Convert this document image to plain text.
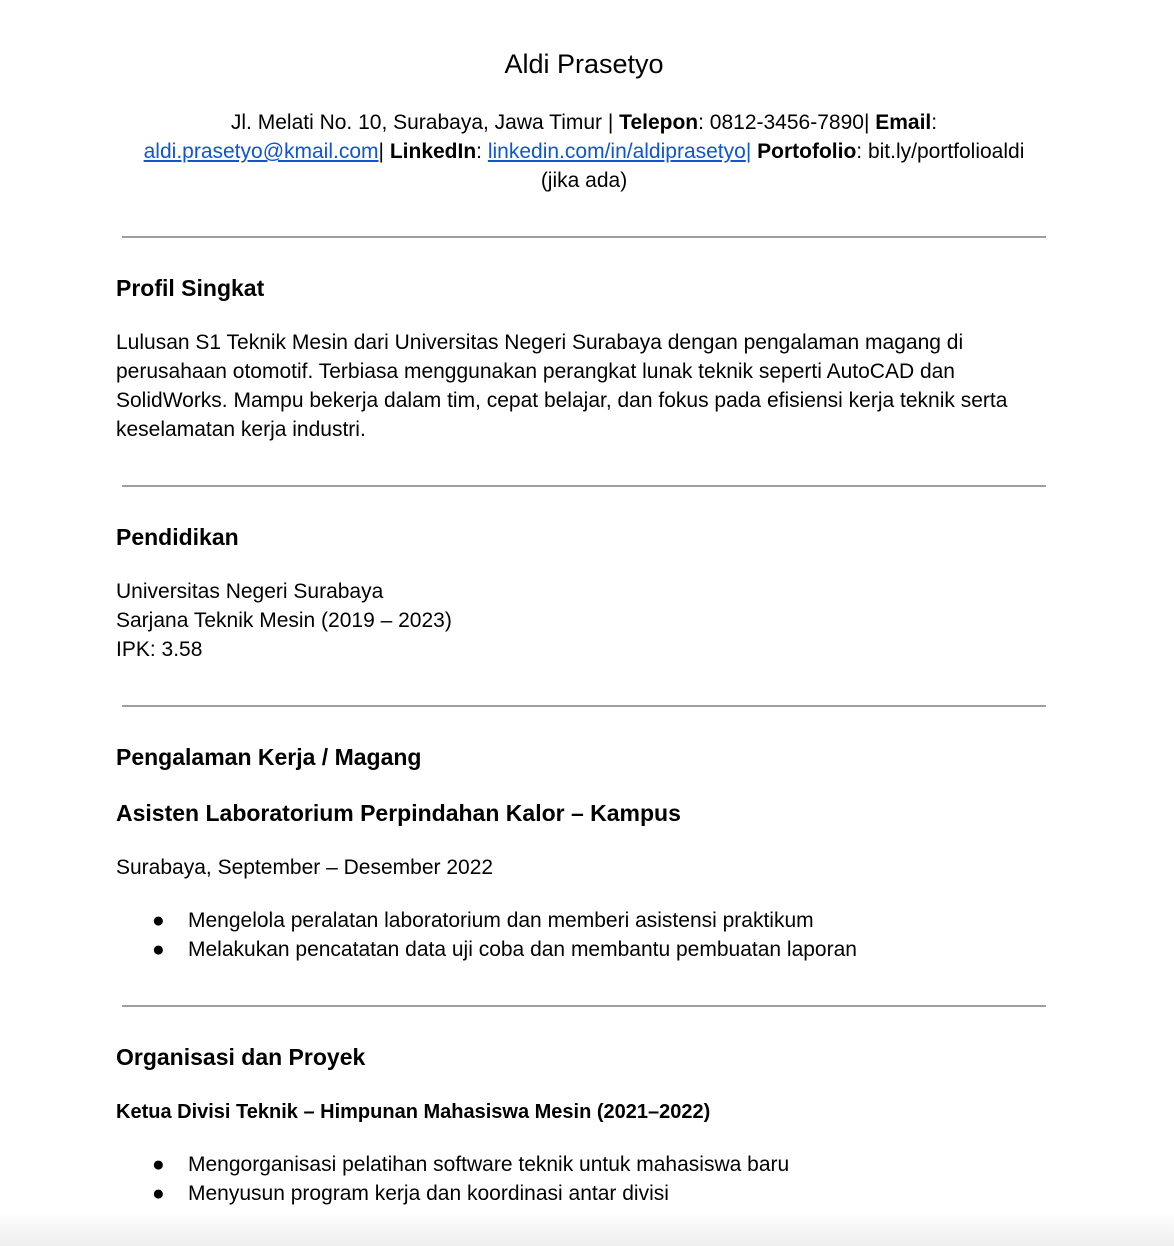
Aldi Prasetyo
Jl. Melati No. 10, Surabaya, Jawa Timur | Telepon: 0812-3456-7890| Email:
aldi.prasetyo@kmail.com| LinkedIn: linkedin.com/in/aldiprasetyo| Portofolio: bit.ly/portfolioaldi
(jika ada)
Profil Singkat
Lulusan S1 Teknik Mesin dari Universitas Negeri Surabaya dengan pengalaman magang di
perusahaan otomotif. Terbiasa menggunakan perangkat lunak teknik seperti AutoCAD dan
SolidWorks. Mampu bekerja dalam tim, cepat belajar, dan fokus pada efisiensi kerja teknik serta
keselamatan kerja industri.
Pendidikan
Universitas Negeri Surabaya
Sarjana Teknik Mesin (2019 – 2023)
IPK: 3.58
Pengalaman Kerja / Magang
Asisten Laboratorium Perpindahan Kalor – Kampus
Surabaya, September – Desember 2022
● Mengelola peralatan laboratorium dan memberi asistensi praktikum
● Melakukan pencatatan data uji coba dan membantu pembuatan laporan
Organisasi dan Proyek
Ketua Divisi Teknik – Himpunan Mahasiswa Mesin (2021–2022)
● Mengorganisasi pelatihan software teknik untuk mahasiswa baru
● Menyusun program kerja dan koordinasi antar divisi
